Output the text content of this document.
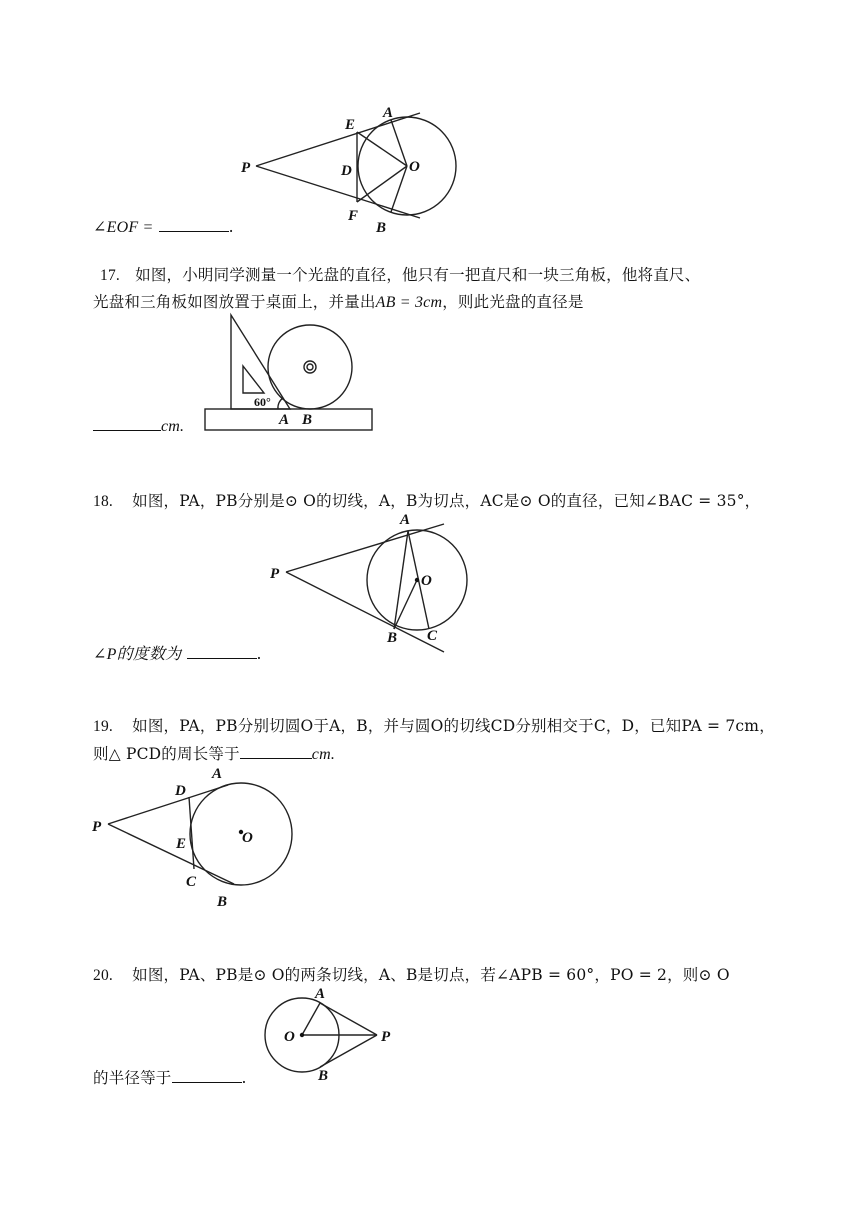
A
E
P	D	O
F
B
∠EOF =	.
17. 如图，小明同学测量一个光盘的直径，他只有一把直尺和一块三角板，他将直尺、
光盘和三角板如图放置于桌面上，并量出AB = 3cm，则此光盘的直径是
60°
A B
cm.
18. 如图，PA，PB分别是⊙ O的切线，A，B为切点，AC是⊙ O的直径，已知∠BAC = 35°，
A
P	O
B C
∠P的度数为	.
19. 如图，PA，PB分别切圆O于A，B，并与圆O的切线CD分别相交于C，D，已知PA = 7cm，
则△ PCD的周长等于	cm.
A
D
P
O
E
C
B
20. 如图，PA、PB是⊙ O的两条切线，A、B是切点，若∠APB = 60°，PO = 2，则⊙ O
A
O	P
B
的半径等于	.
